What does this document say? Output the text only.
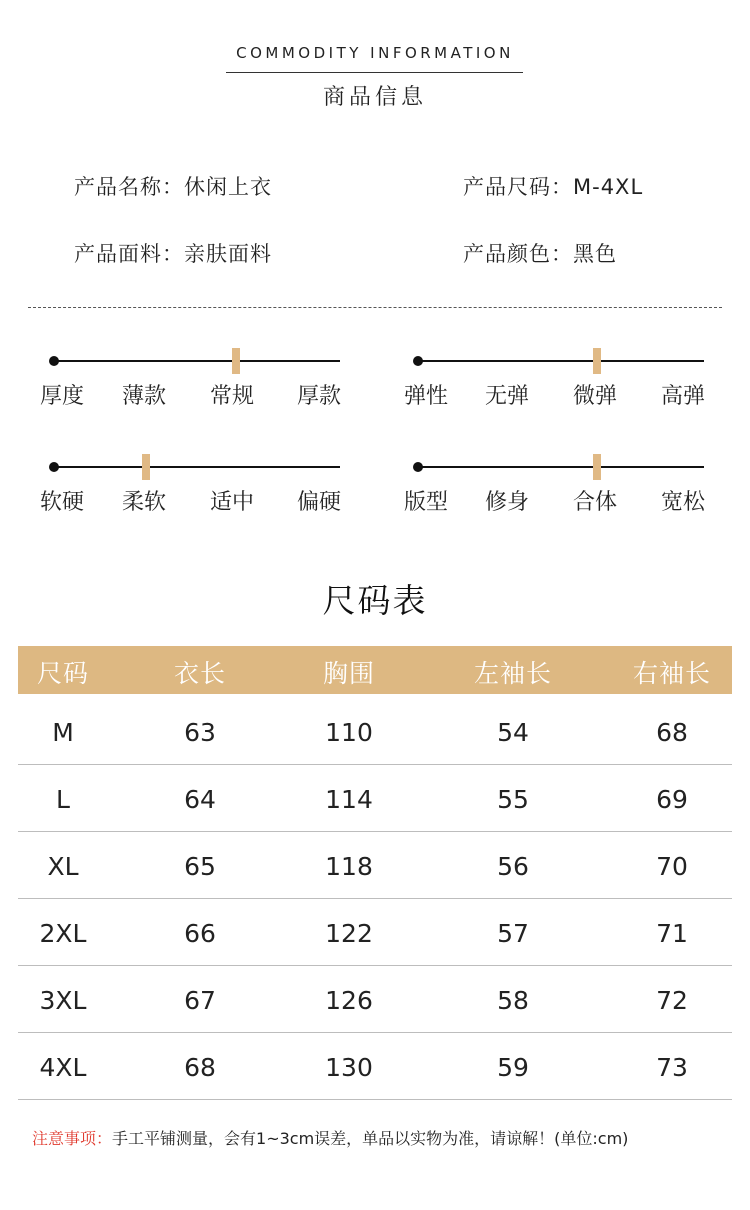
COMMODITY INFORMATION
商品信息
产品名称：休闲上衣	产品尺码：M-4XL
产品面料：亲肤面料	产品颜色：黑色
厚度 薄款 常规 厚款	弹性 无弹 微弹 高弹
软硬 柔软 适中 偏硬	版型 修身 合体 宽松
尺码表
尺码	衣长	胸围	左袖长	右袖长
M	63	110	54	68
L	64	114	55	69
XL	65	118	56	70
2XL	66	122	57	71
3XL	67	126	58	72
4XL	68	130	59	73
注意事项：手工平铺测量，会有1~3cm误差，单品以实物为准，请谅解！(单位:cm)
